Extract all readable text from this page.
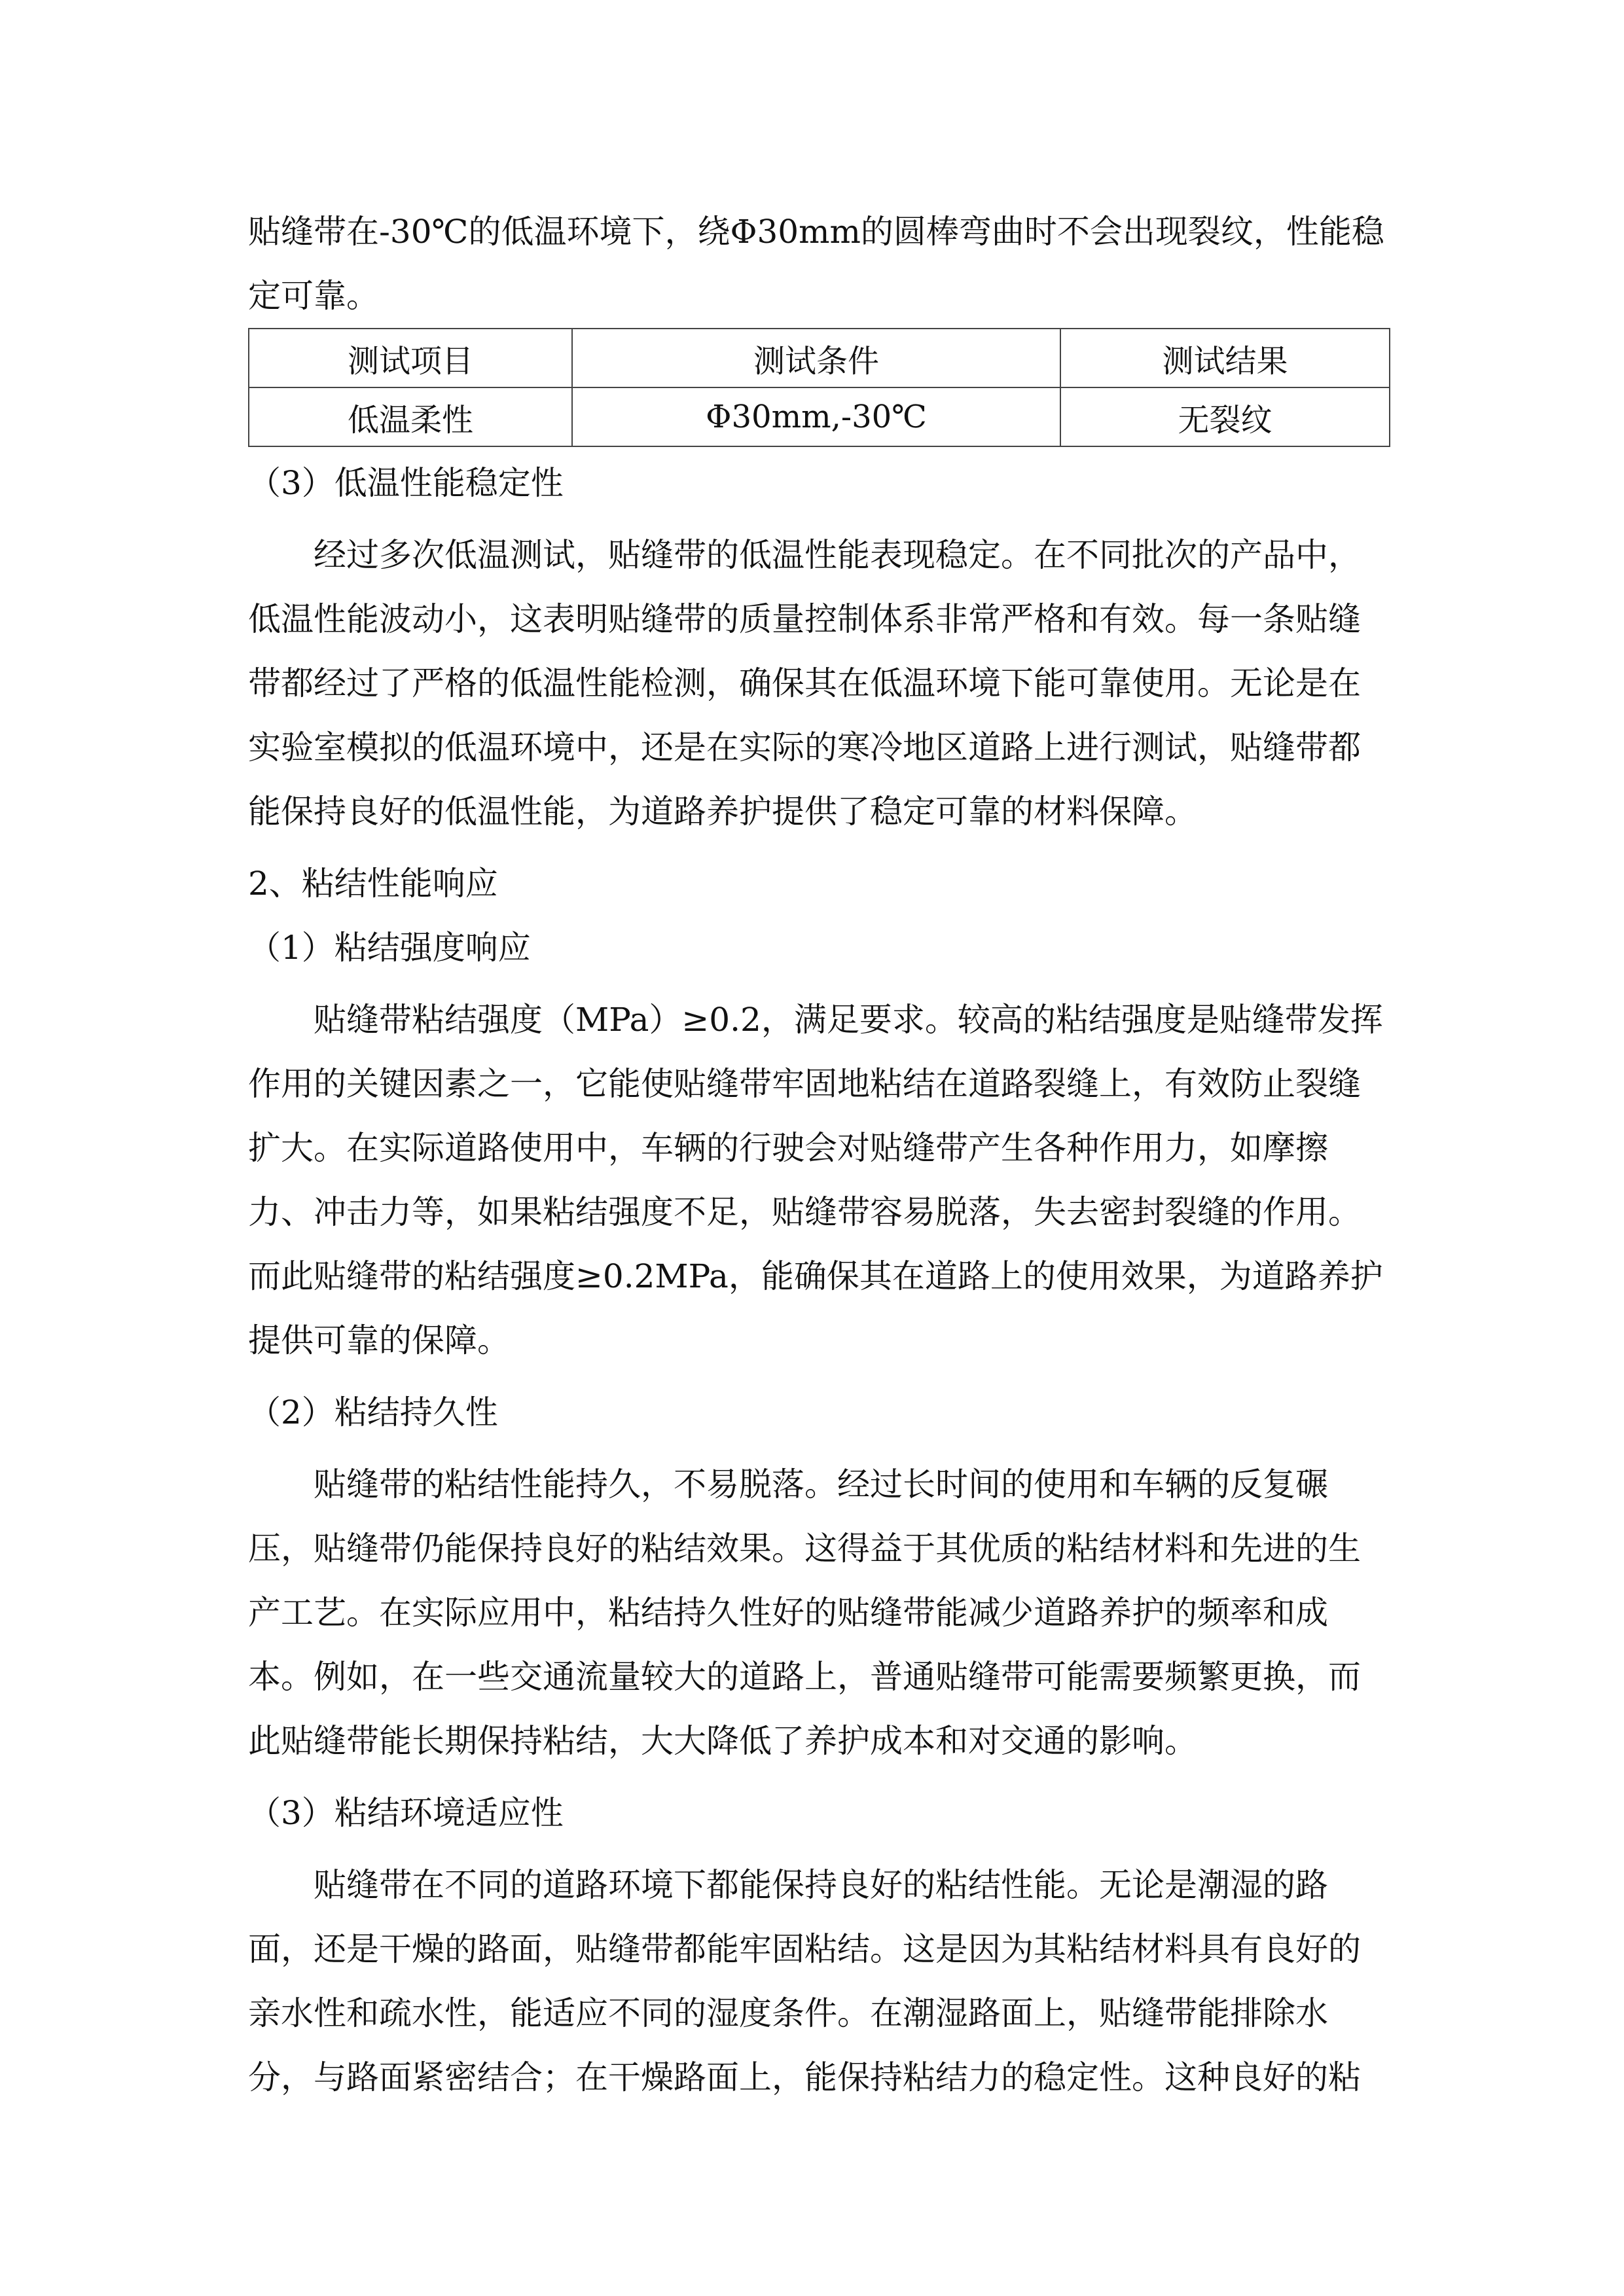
贴缝带在-30℃的低温环境下，绕Φ30mm的圆棒弯曲时不会出现裂纹，性能稳
定可靠。
测试项目	测试条件	测试结果
低温柔性	Φ30mm,-30℃	无裂纹
（3）低温性能稳定性
经过多次低温测试，贴缝带的低温性能表现稳定。在不同批次的产品中，
低温性能波动小，这表明贴缝带的质量控制体系非常严格和有效。每一条贴缝
带都经过了严格的低温性能检测，确保其在低温环境下能可靠使用。无论是在
实验室模拟的低温环境中，还是在实际的寒冷地区道路上进行测试，贴缝带都
能保持良好的低温性能，为道路养护提供了稳定可靠的材料保障。
2、粘结性能响应
（1）粘结强度响应
贴缝带粘结强度（MPa）≥0.2，满足要求。较高的粘结强度是贴缝带发挥
作用的关键因素之一，它能使贴缝带牢固地粘结在道路裂缝上，有效防止裂缝
扩大。在实际道路使用中，车辆的行驶会对贴缝带产生各种作用力，如摩擦
力、冲击力等，如果粘结强度不足，贴缝带容易脱落，失去密封裂缝的作用。
而此贴缝带的粘结强度≥0.2MPa，能确保其在道路上的使用效果，为道路养护
提供可靠的保障。
（2）粘结持久性
贴缝带的粘结性能持久，不易脱落。经过长时间的使用和车辆的反复碾
压，贴缝带仍能保持良好的粘结效果。这得益于其优质的粘结材料和先进的生
产工艺。在实际应用中，粘结持久性好的贴缝带能减少道路养护的频率和成
本。例如，在一些交通流量较大的道路上，普通贴缝带可能需要频繁更换，而
此贴缝带能长期保持粘结，大大降低了养护成本和对交通的影响。
（3）粘结环境适应性
贴缝带在不同的道路环境下都能保持良好的粘结性能。无论是潮湿的路
面，还是干燥的路面，贴缝带都能牢固粘结。这是因为其粘结材料具有良好的
亲水性和疏水性，能适应不同的湿度条件。在潮湿路面上，贴缝带能排除水
分，与路面紧密结合；在干燥路面上，能保持粘结力的稳定性。这种良好的粘
